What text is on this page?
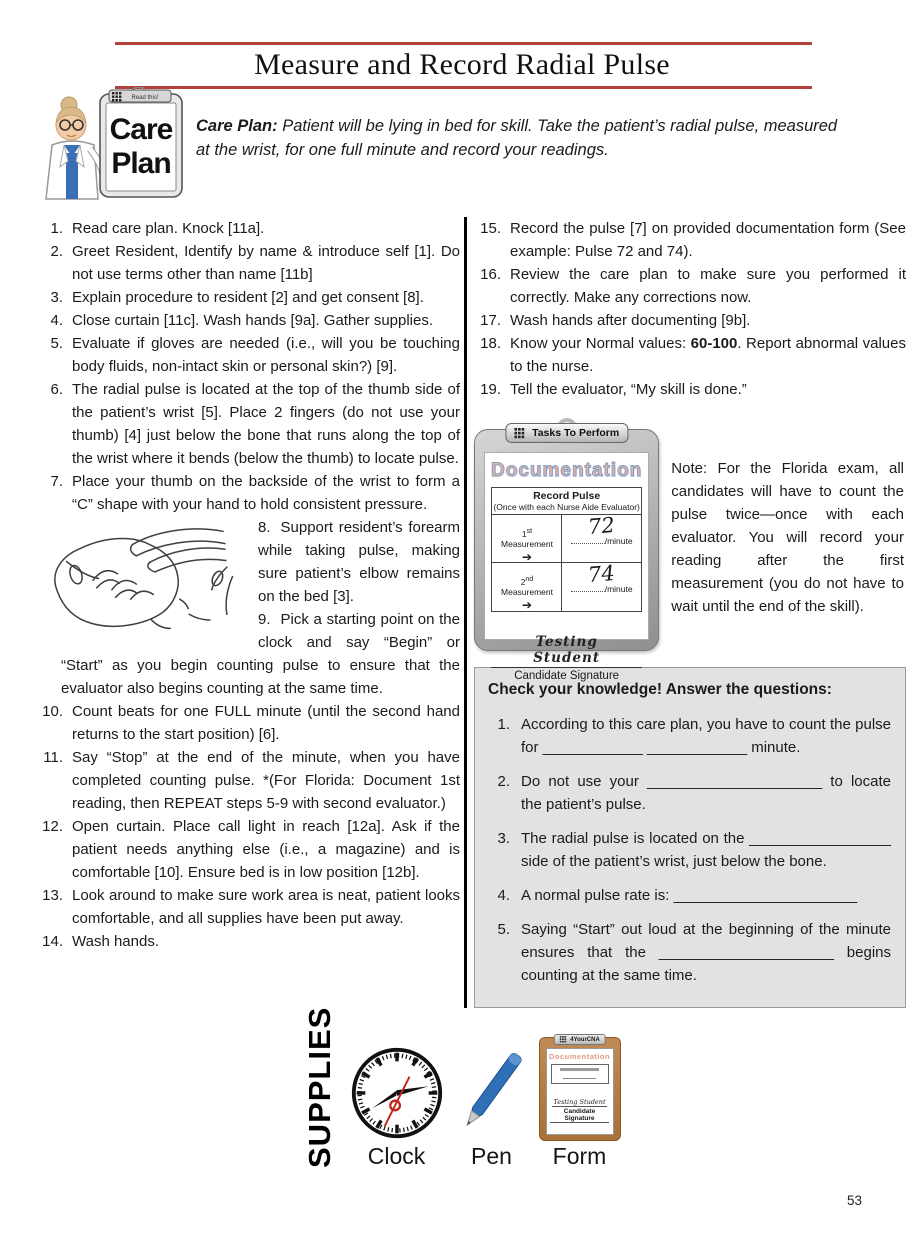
Measure and Record Radial Pulse
Read this!
Care
Plan
Care Plan: Patient will be lying in bed for skill. Take the patient’s radial pulse, measured at the wrist, for one full minute and record your readings.
1. Read care plan. Knock [11a].
2. Greet Resident, Identify by name & introduce self [1]. Do not use terms other than name [11b]
3. Explain procedure to resident [2] and get consent [8].
4. Close curtain [11c]. Wash hands [9a]. Gather supplies.
5. Evaluate if gloves are needed (i.e., will you be touching body fluids, non-intact skin or personal skin?) [9].
6. The radial pulse is located at the top of the thumb side of the patient’s wrist [5]. Place 2 fingers (do not use your thumb) [4] just below the bone that runs along the top of the wrist where it bends (below the thumb) to locate pulse.
7. Place your thumb on the backside of the wrist to form a “C” shape with your hand to hold consistent pressure.

8. Support resident’s forearm while taking pulse, making sure patient’s elbow remains on the bed [3].

9. Pick a starting point on the clock and say “Begin” or “Start” as you begin counting pulse to ensure that the evaluator also begins counting at the same time.

10. Count beats for one FULL minute (until the second hand returns to the start position) [6].
11. Say “Stop” at the end of the minute, when you have completed counting pulse. *(For Florida: Document 1st reading, then REPEAT steps 5-9 with second evaluator.)
12. Open curtain. Place call light in reach [12a]. Ask if the patient needs anything else (i.e., a magazine) and is comfortable [10]. Ensure bed is in low position [12b].
13. Look around to make sure work area is neat, patient looks comfortable, and all supplies have been put away.
14. Wash hands.
15. Record the pulse [7] on provided documentation form (See example: Pulse 72 and 74).
16. Review the care plan to make sure you performed it correctly. Make any corrections now.
17. Wash hands after documenting [9b].
18. Know your Normal values: 60-100. Report abnormal values to the nurse.
19. Tell the evaluator, “My skill is done.”
Tasks To Perform
Documentation
Record Pulse
(Once with each Nurse Aide Evaluator)
1st Measurement
➔
72
/minute
2nd Measurement
➔
74
/minute
Testing Student
Candidate Signature
Note: For the Florida exam, all candidates will have to count the pulse twice—once with each evaluator. You will record your reading after the first measurement (you do not have to wait until the end of the skill).
Check your knowledge! Answer the questions:
1. According to this care plan, you have to count the pulse for ____________ ____________ minute.
2. Do not use your _____________________ to locate the patient’s pulse.
3. The radial pulse is located on the _________________ side of the patient’s wrist, just below the bone.
4. A normal pulse rate is: ______________________
5. Saying “Start” out loud at the beginning of the minute ensures that the _____________________ begins counting at the same time.
SUPPLIES Clock Pen
4YourCNA
Documentation
Testing Student
Candidate Signature
Form
53
